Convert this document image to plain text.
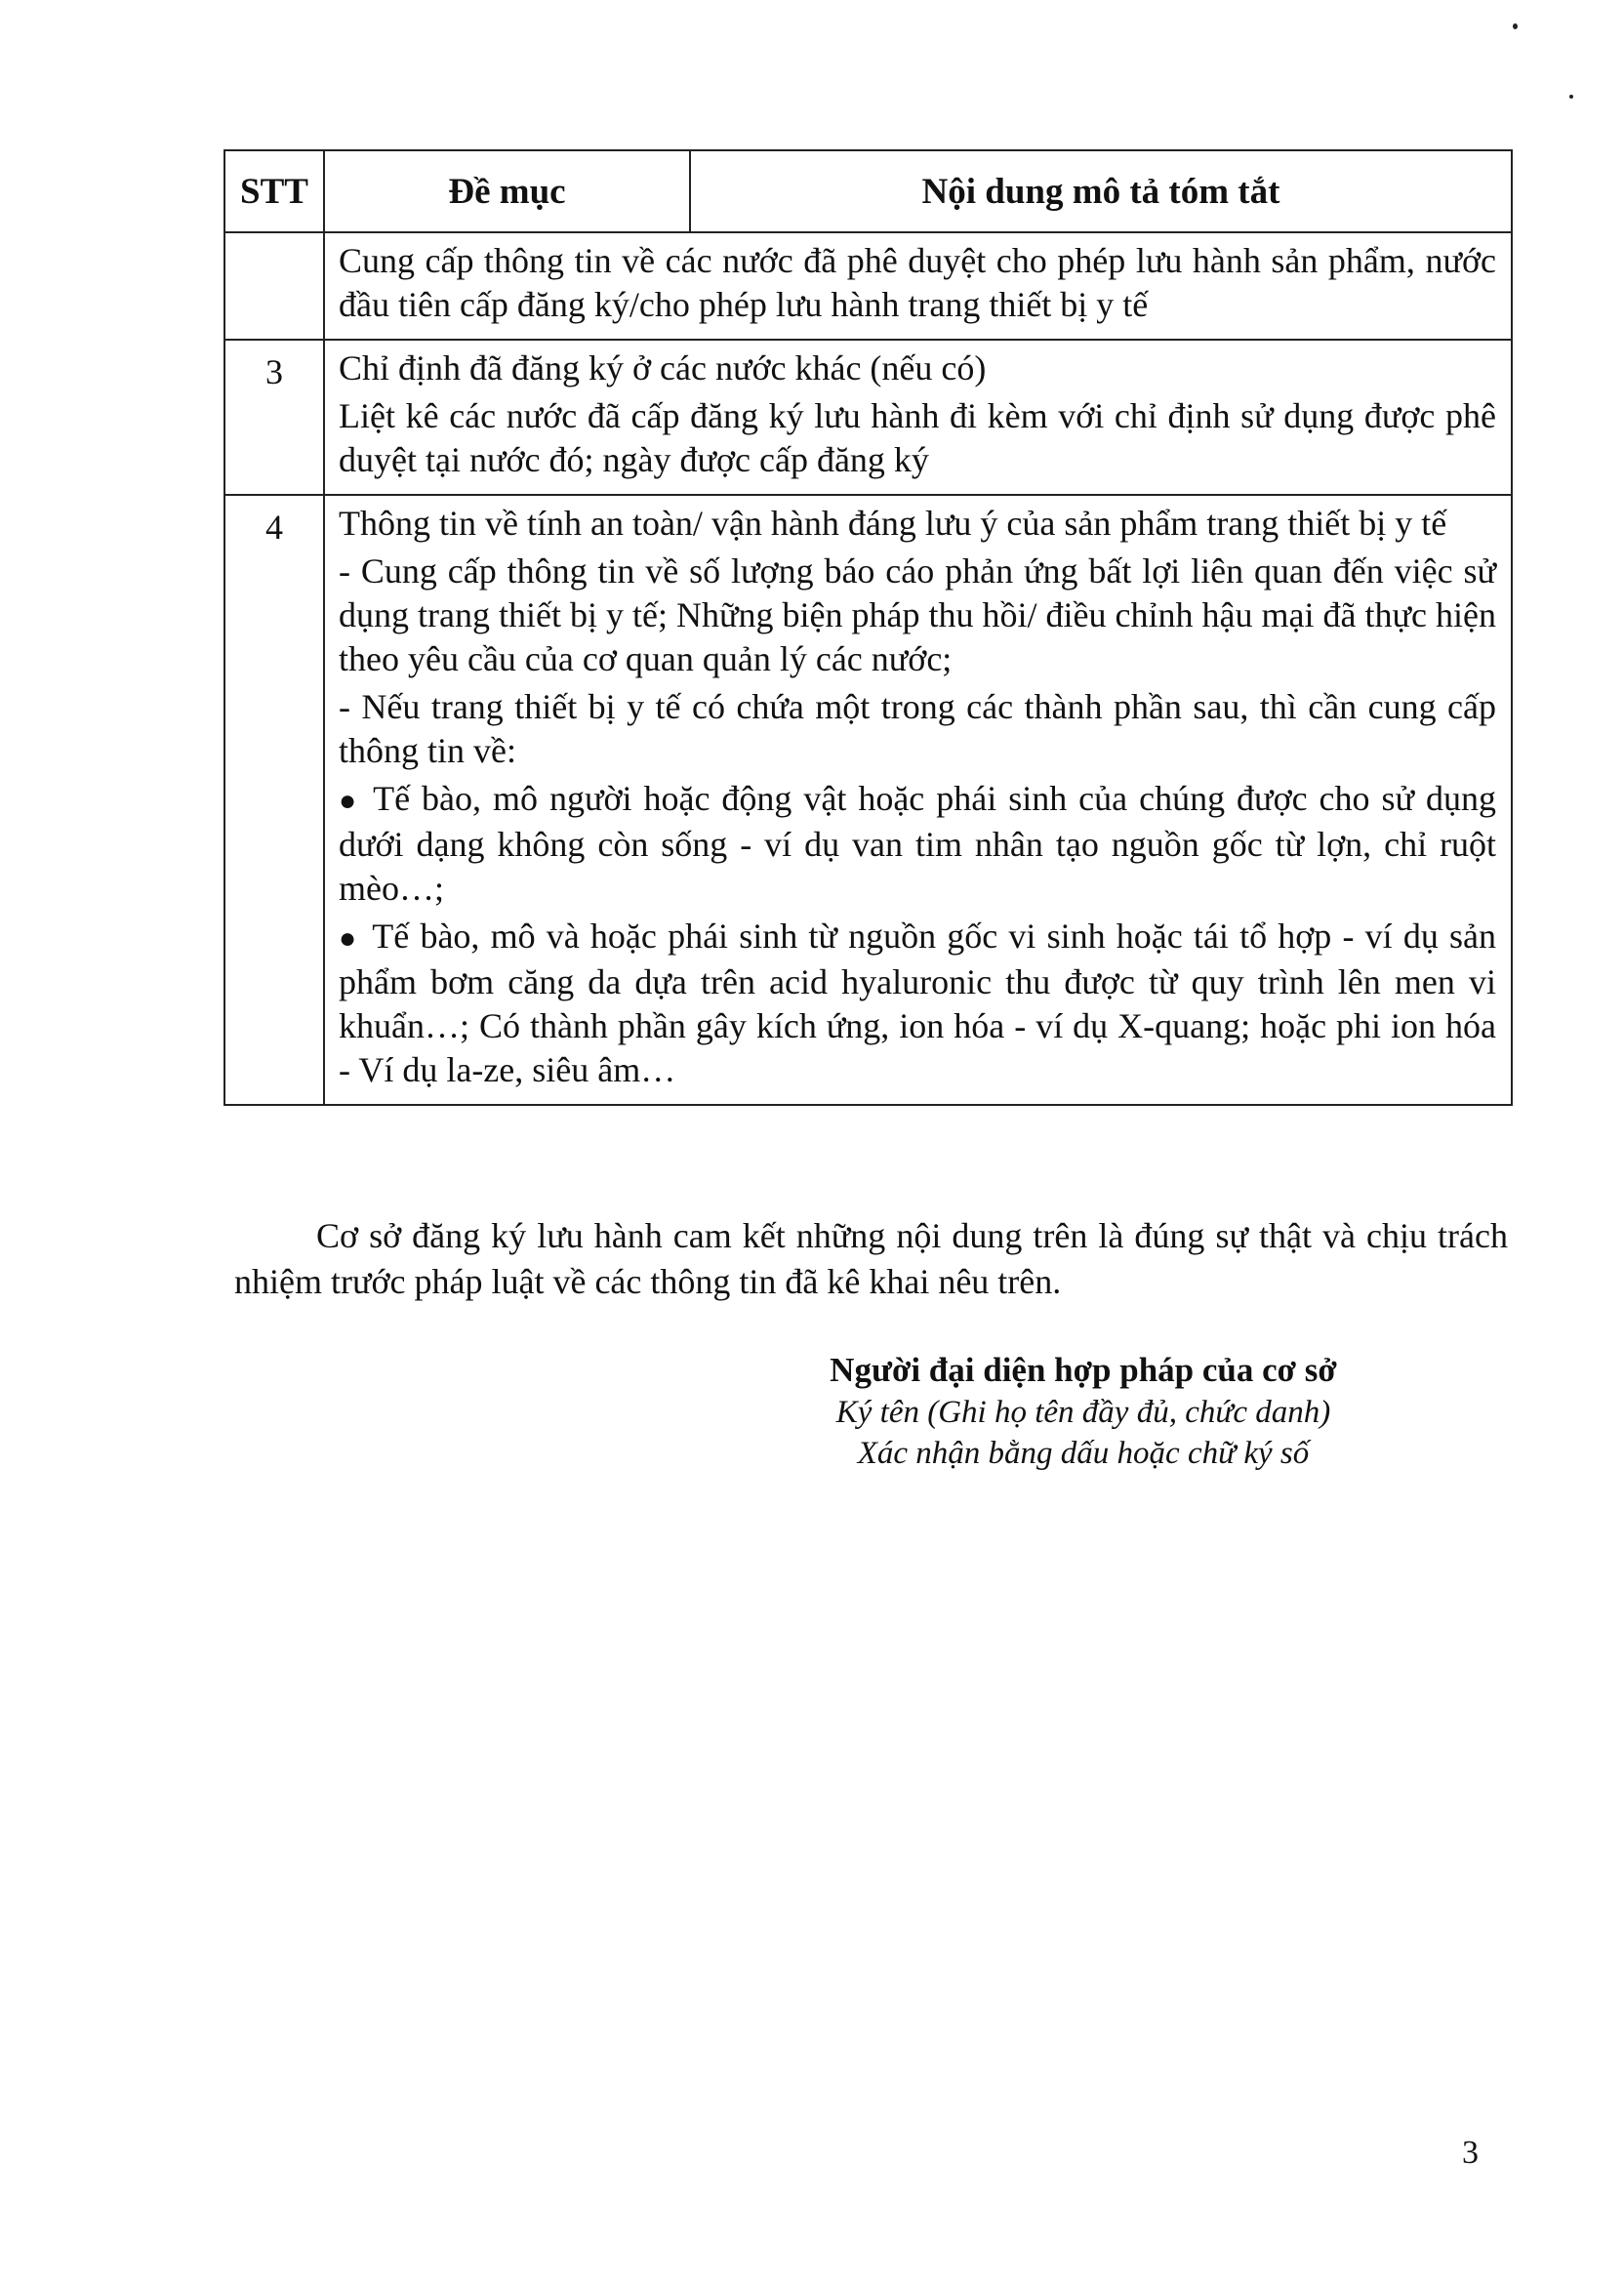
STT	Đề mục	Nội dung mô tả tóm tắt

	Cung cấp thông tin về các nước đã phê duyệt cho phép lưu hành sản phẩm, nước đầu tiên cấp đăng ký/cho phép lưu hành trang thiết bị y tế	

3	Chỉ định đã đăng ký ở các nước khác (nếu có)

Liệt kê các nước đã cấp đăng ký lưu hành đi kèm với chỉ định sử dụng được phê duyệt tại nước đó; ngày được cấp đăng ký	

4	Thông tin về tính an toàn/ vận hành đáng lưu ý của sản phẩm trang thiết bị y tế

- Cung cấp thông tin về số lượng báo cáo phản ứng bất lợi liên quan đến việc sử dụng trang thiết bị y tế; Những biện pháp thu hồi/ điều chỉnh hậu mại đã thực hiện theo yêu cầu của cơ quan quản lý các nước;

- Nếu trang thiết bị y tế có chứa một trong các thành phần sau, thì cần cung cấp thông tin về:

● Tế bào, mô người hoặc động vật hoặc phái sinh của chúng được cho sử dụng dưới dạng không còn sống - ví dụ van tim nhân tạo nguồn gốc từ lợn, chỉ ruột mèo…;

● Tế bào, mô và hoặc phái sinh từ nguồn gốc vi sinh hoặc tái tổ hợp - ví dụ sản phẩm bơm căng da dựa trên acid hyaluronic thu được từ quy trình lên men vi khuẩn…; Có thành phần gây kích ứng, ion hóa - ví dụ X-quang; hoặc phi ion hóa - Ví dụ la-ze, siêu âm…	

Cơ sở đăng ký lưu hành cam kết những nội dung trên là đúng sự thật và chịu trách nhiệm trước pháp luật về các thông tin đã kê khai nêu trên.

Người đại diện hợp pháp của cơ sở

Ký tên (Ghi họ tên đầy đủ, chức danh)

Xác nhận bằng dấu hoặc chữ ký số

3
